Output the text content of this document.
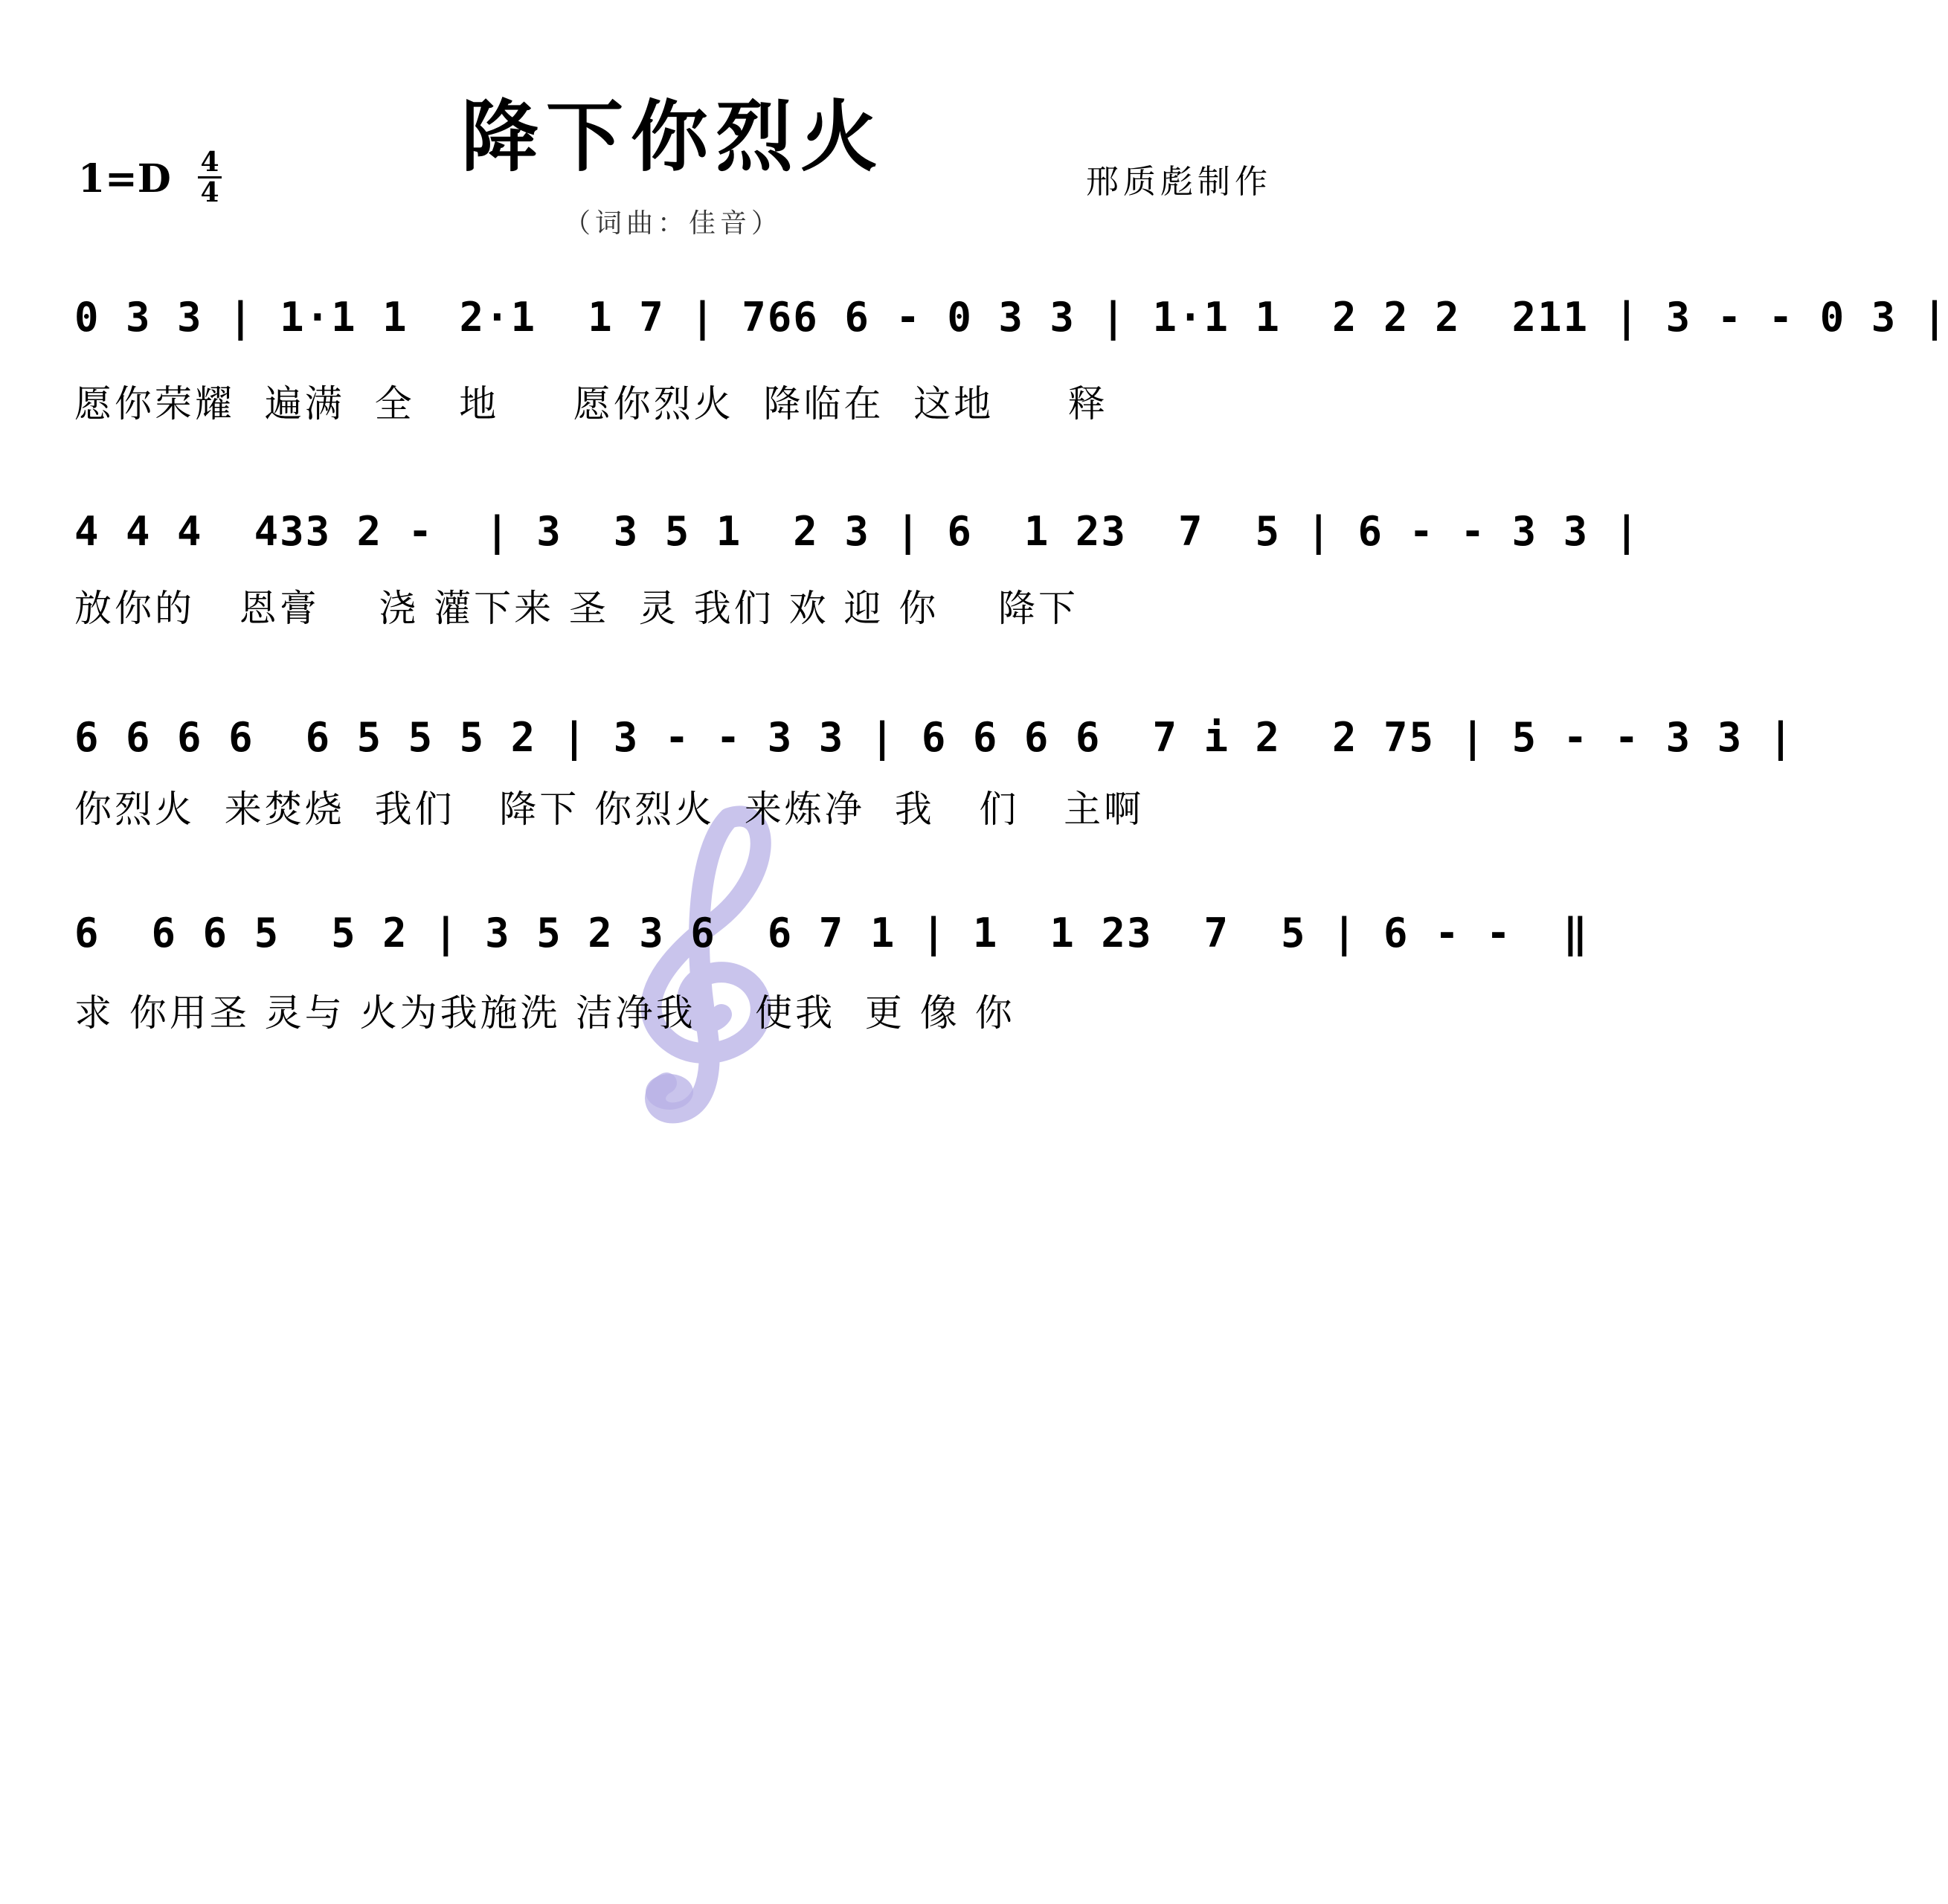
降下你烈火
1=D 4
4	邢质彪制作
（词曲：佳音）
0 3 3 | 1·1 1  2·1  1 7 | 766 6 - 0 3 3 | 1·1 1  2 2 2  211 | 3 - - 0 3 |
愿你荣耀  遍满  全   地     愿你烈火  降临在  这地     释
4 4 4  433 2 -  | 3  3 5 1  2 3 | 6  1 23  7  5 | 6 - - 3 3 |
放你的   恩膏    浇 灌下来 圣  灵 我们 欢 迎 你    降下
6 6 6 6  6 5 5 5 2 | 3 - - 3 3 | 6 6 6 6  7 i 2  2 75 | 5 - - 3 3 |
你烈火  来焚烧  我们   降下 你烈火  来炼净  我   们   主啊
6  6 6 5  5 2 | 3 5 2 3 6  6 7 1 | 1  1 23  7  5 | 6 - -  ‖
求 你用圣 灵与 火为我施洗 洁净我    使我  更 像 你
